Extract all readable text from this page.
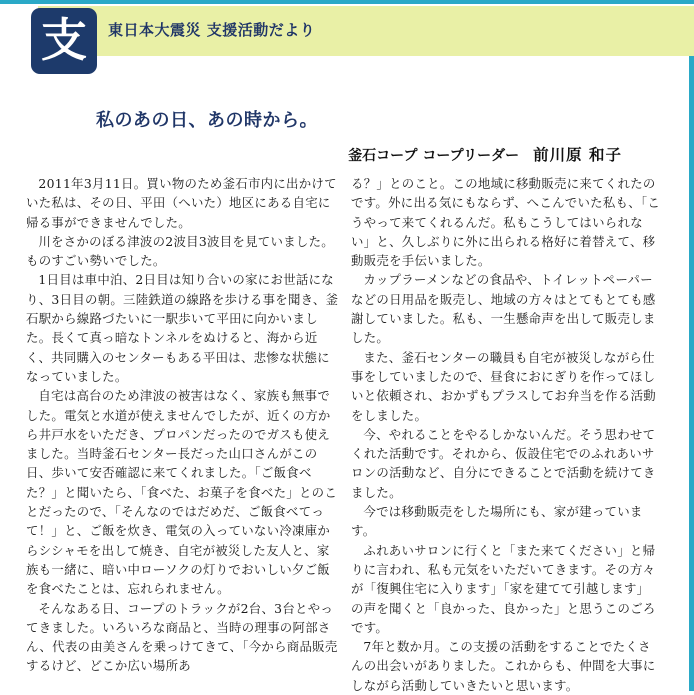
支	東日本大震災 支援活動だより
私のあの日、あの時から。
釜石コープ コープリーダー 前川原 和子

2011年3月11日。買い物のため釜石市内に出かけていた私は、その日、平田（へいた）地区にある自宅に帰る事ができませんでした。

川をさかのぼる津波の2波目3波目を見ていました。ものすごい勢いでした。

1日目は車中泊、2日目は知り合いの家にお世話になり、3日目の朝。三陸鉄道の線路を歩ける事を聞き、釜石駅から線路づたいに一駅歩いて平田に向かいました。長くて真っ暗なトンネルをぬけると、海から近く、共同購入のセンターもある平田は、悲惨な状態になっていました。

自宅は高台のため津波の被害はなく、家族も無事でした。電気と水道が使えませんでしたが、近くの方から井戸水をいただき、プロパンだったのでガスも使えました。当時釜石センター長だった山口さんがこの日、歩いて安否確認に来てくれました。「ご飯食べた？」と聞いたら、「食べた、お菓子を食べた」とのことだったので、「そんなのではだめだ、ご飯食べてって！」と、ご飯を炊き、電気の入っていない冷凍庫からシシャモを出して焼き、自宅が被災した友人と、家族も一緒に、暗い中ローソクの灯りでおいしい夕ご飯を食べたことは、忘れられません。

そんなある日、コープのトラックが2台、3台とやってきました。いろいろな商品と、当時の理事の阿部さん、代表の由美さんを乗っけてきて、「今から商品販売するけど、どこか広い場所あ

る？」とのこと。この地域に移動販売に来てくれたのです。外に出る気にもならず、へこんでいた私も、「こうやって来てくれるんだ。私もこうしてはいられない」と、久しぶりに外に出られる格好に着替えて、移動販売を手伝いました。

カップラーメンなどの食品や、トイレットペーパーなどの日用品を販売し、地域の方々はとてもとても感謝していました。私も、一生懸命声を出して販売しました。

また、釜石センターの職員も自宅が被災しながら仕事をしていましたので、昼食におにぎりを作ってほしいと依頼され、おかずもプラスしてお弁当を作る活動をしました。

今、やれることをやるしかないんだ。そう思わせてくれた活動です。それから、仮設住宅でのふれあいサロンの活動など、自分にできることで活動を続けてきました。

今では移動販売をした場所にも、家が建っています。

ふれあいサロンに行くと「また来てください」と帰りに言われ、私も元気をいただいてきます。その方々が「復興住宅に入ります」「家を建てて引越します」の声を聞くと「良かった、良かった」と思うこのごろです。

7年と数か月。この支援の活動をすることでたくさんの出会いがありました。これからも、仲間を大事にしながら活動していきたいと思います。
